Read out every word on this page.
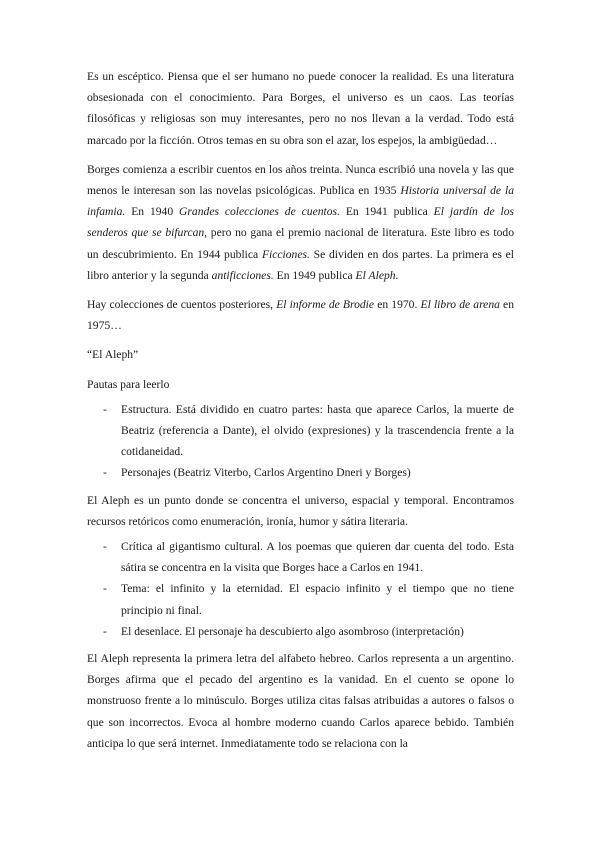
Es un escéptico. Piensa que el ser humano no puede conocer la realidad. Es una literatura obsesionada con el conocimiento. Para Borges, el universo es un caos. Las teorías filosóficas y religiosas son muy interesantes, pero no nos llevan a la verdad. Todo está marcado por la ficción. Otros temas en su obra son el azar, los espejos, la ambigüedad…

Borges comienza a escribir cuentos en los años treinta. Nunca escribió una novela y las que menos le interesan son las novelas psicológicas. Publica en 1935 Historia universal de la infamia. En 1940 Grandes colecciones de cuentos. En 1941 publica El jardín de los senderos que se bifurcan, pero no gana el premio nacional de literatura. Este libro es todo un descubrimiento. En 1944 publica Ficciones. Se dividen en dos partes. La primera es el libro anterior y la segunda antificciones. En 1949 publica El Aleph.

Hay colecciones de cuentos posteriores, El informe de Brodie en 1970. El libro de arena en 1975…

“El Aleph”

Pautas para leerlo

- Estructura. Está dividido en cuatro partes: hasta que aparece Carlos, la muerte de Beatriz (referencia a Dante), el olvido (expresiones) y la trascendencia frente a la cotidaneidad.
- Personajes (Beatriz Viterbo, Carlos Argentino Dneri y Borges)

El Aleph es un punto donde se concentra el universo, espacial y temporal. Encontramos recursos retóricos como enumeración, ironía, humor y sátira literaria.

- Crítica al gigantismo cultural. A los poemas que quieren dar cuenta del todo. Esta sátira se concentra en la visita que Borges hace a Carlos en 1941.
- Tema: el infinito y la eternidad. El espacio infinito y el tiempo que no tiene principio ni final.
- El desenlace. El personaje ha descubierto algo asombroso (interpretación)

El Aleph representa la primera letra del alfabeto hebreo. Carlos representa a un argentino. Borges afirma que el pecado del argentino es la vanidad. En el cuento se opone lo monstruoso frente a lo minúsculo. Borges utiliza citas falsas atribuidas a autores o falsos o que son incorrectos. Evoca al hombre moderno cuando Carlos aparece bebido. También anticipa lo que será internet. Inmediatamente todo se relaciona con la
